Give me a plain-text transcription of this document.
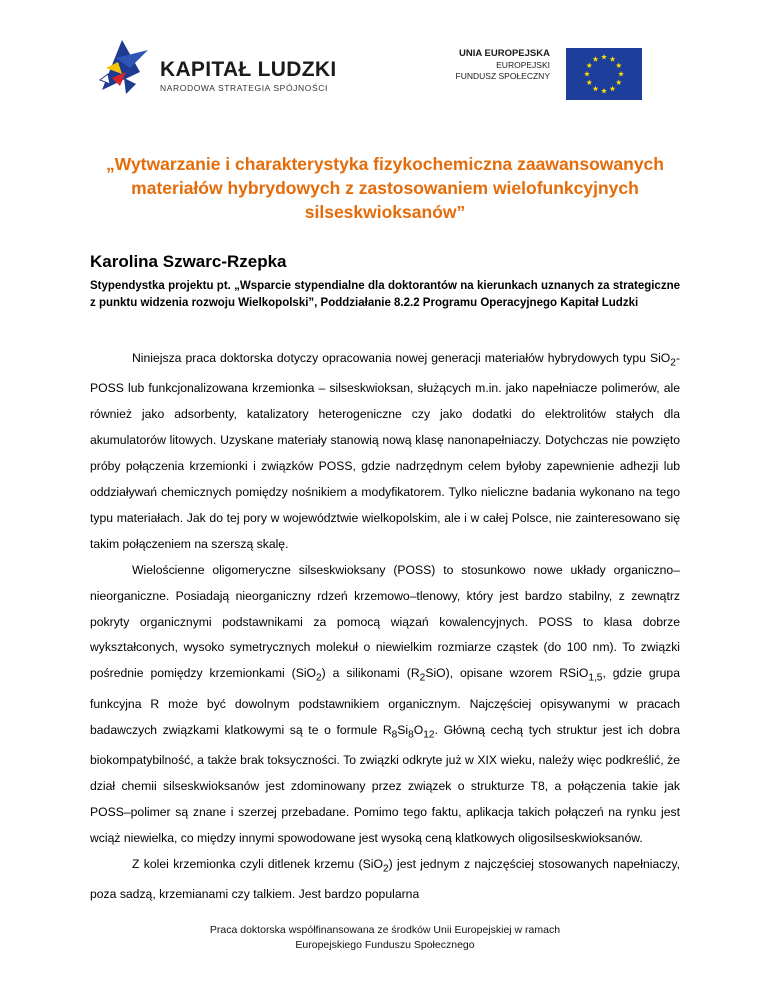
KAPITAŁ LUDZKI
NARODOWA STRATEGIA SPÓJNOŚCI
UNIA EUROPEJSKA
EUROPEJSKI
FUNDUSZ SPOŁECZNY
„Wytwarzanie i charakterystyka fizykochemiczna zaawansowanych materiałów hybrydowych z zastosowaniem wielofunkcyjnych silseskwioksanów”
Karolina Szwarc-Rzepka
Stypendystka projektu pt. „Wsparcie stypendialne dla doktorantów na kierunkach uznanych za strategiczne z punktu widzenia rozwoju Wielkopolski”, Poddziałanie 8.2.2 Programu Operacyjnego Kapitał Ludzki

Niniejsza praca doktorska dotyczy opracowania nowej generacji materiałów hybrydowych typu SiO$_2$-POSS lub funkcjonalizowana krzemionka – silseskwioksan, służących m.in. jako napełniacze polimerów, ale również jako adsorbenty, katalizatory heterogeniczne czy jako dodatki do elektrolitów stałych dla akumulatorów litowych. Uzyskane materiały stanowią nową klasę nanonapełniaczy. Dotychczas nie powzięto próby połączenia krzemionki i związków POSS, gdzie nadrzędnym celem byłoby zapewnienie adhezji lub oddziaływań chemicznych pomiędzy nośnikiem a modyfikatorem. Tylko nieliczne badania wykonano na tego typu materiałach. Jak do tej pory w województwie wielkopolskim, ale i w całej Polsce, nie zainteresowano się takim połączeniem na szerszą skalę.

Wielościenne oligomeryczne silseskwioksany (POSS) to stosunkowo nowe układy organiczno–nieorganiczne. Posiadają nieorganiczny rdzeń krzemowo–tlenowy, który jest bardzo stabilny, z zewnątrz pokryty organicznymi podstawnikami za pomocą wiązań kowalencyjnych. POSS to klasa dobrze wykształconych, wysoko symetrycznych molekuł o niewielkim rozmiarze cząstek (do 100 nm). To związki pośrednie pomiędzy krzemionkami (SiO$_2$) a silikonami $(R_2SiO)$, opisane wzorem RSiO$_{1,5}$, gdzie grupa funkcyjna R może być dowolnym podstawnikiem organicznym. Najczęściej opisywanymi w pracach badawczych związkami klatkowymi są te o formule $R_8Si_8O_{12}$. Główną cechą tych struktur jest ich dobra biokompatybilność, a także brak toksyczności. To związki odkryte już w XIX wieku, należy więc podkreślić, że dział chemii silseskwioksanów jest zdominowany przez związek o strukturze T8, a połączenia takie jak POSS–polimer są znane i szerzej przebadane. Pomimo tego faktu, aplikacja takich połączeń na rynku jest wciąż niewielka, co między innymi spowodowane jest wysoką ceną klatkowych oligosilseskwioksanów.

Z kolei krzemionka czyli ditlenek krzemu (SiO$_2$) jest jednym z najczęściej stosowanych napełniaczy, poza sadzą, krzemianami czy talkiem. Jest bardzo popularna

Praca doktorska współfinansowana ze środków Unii Europejskiej w ramach
Europejskiego Funduszu Społecznego
